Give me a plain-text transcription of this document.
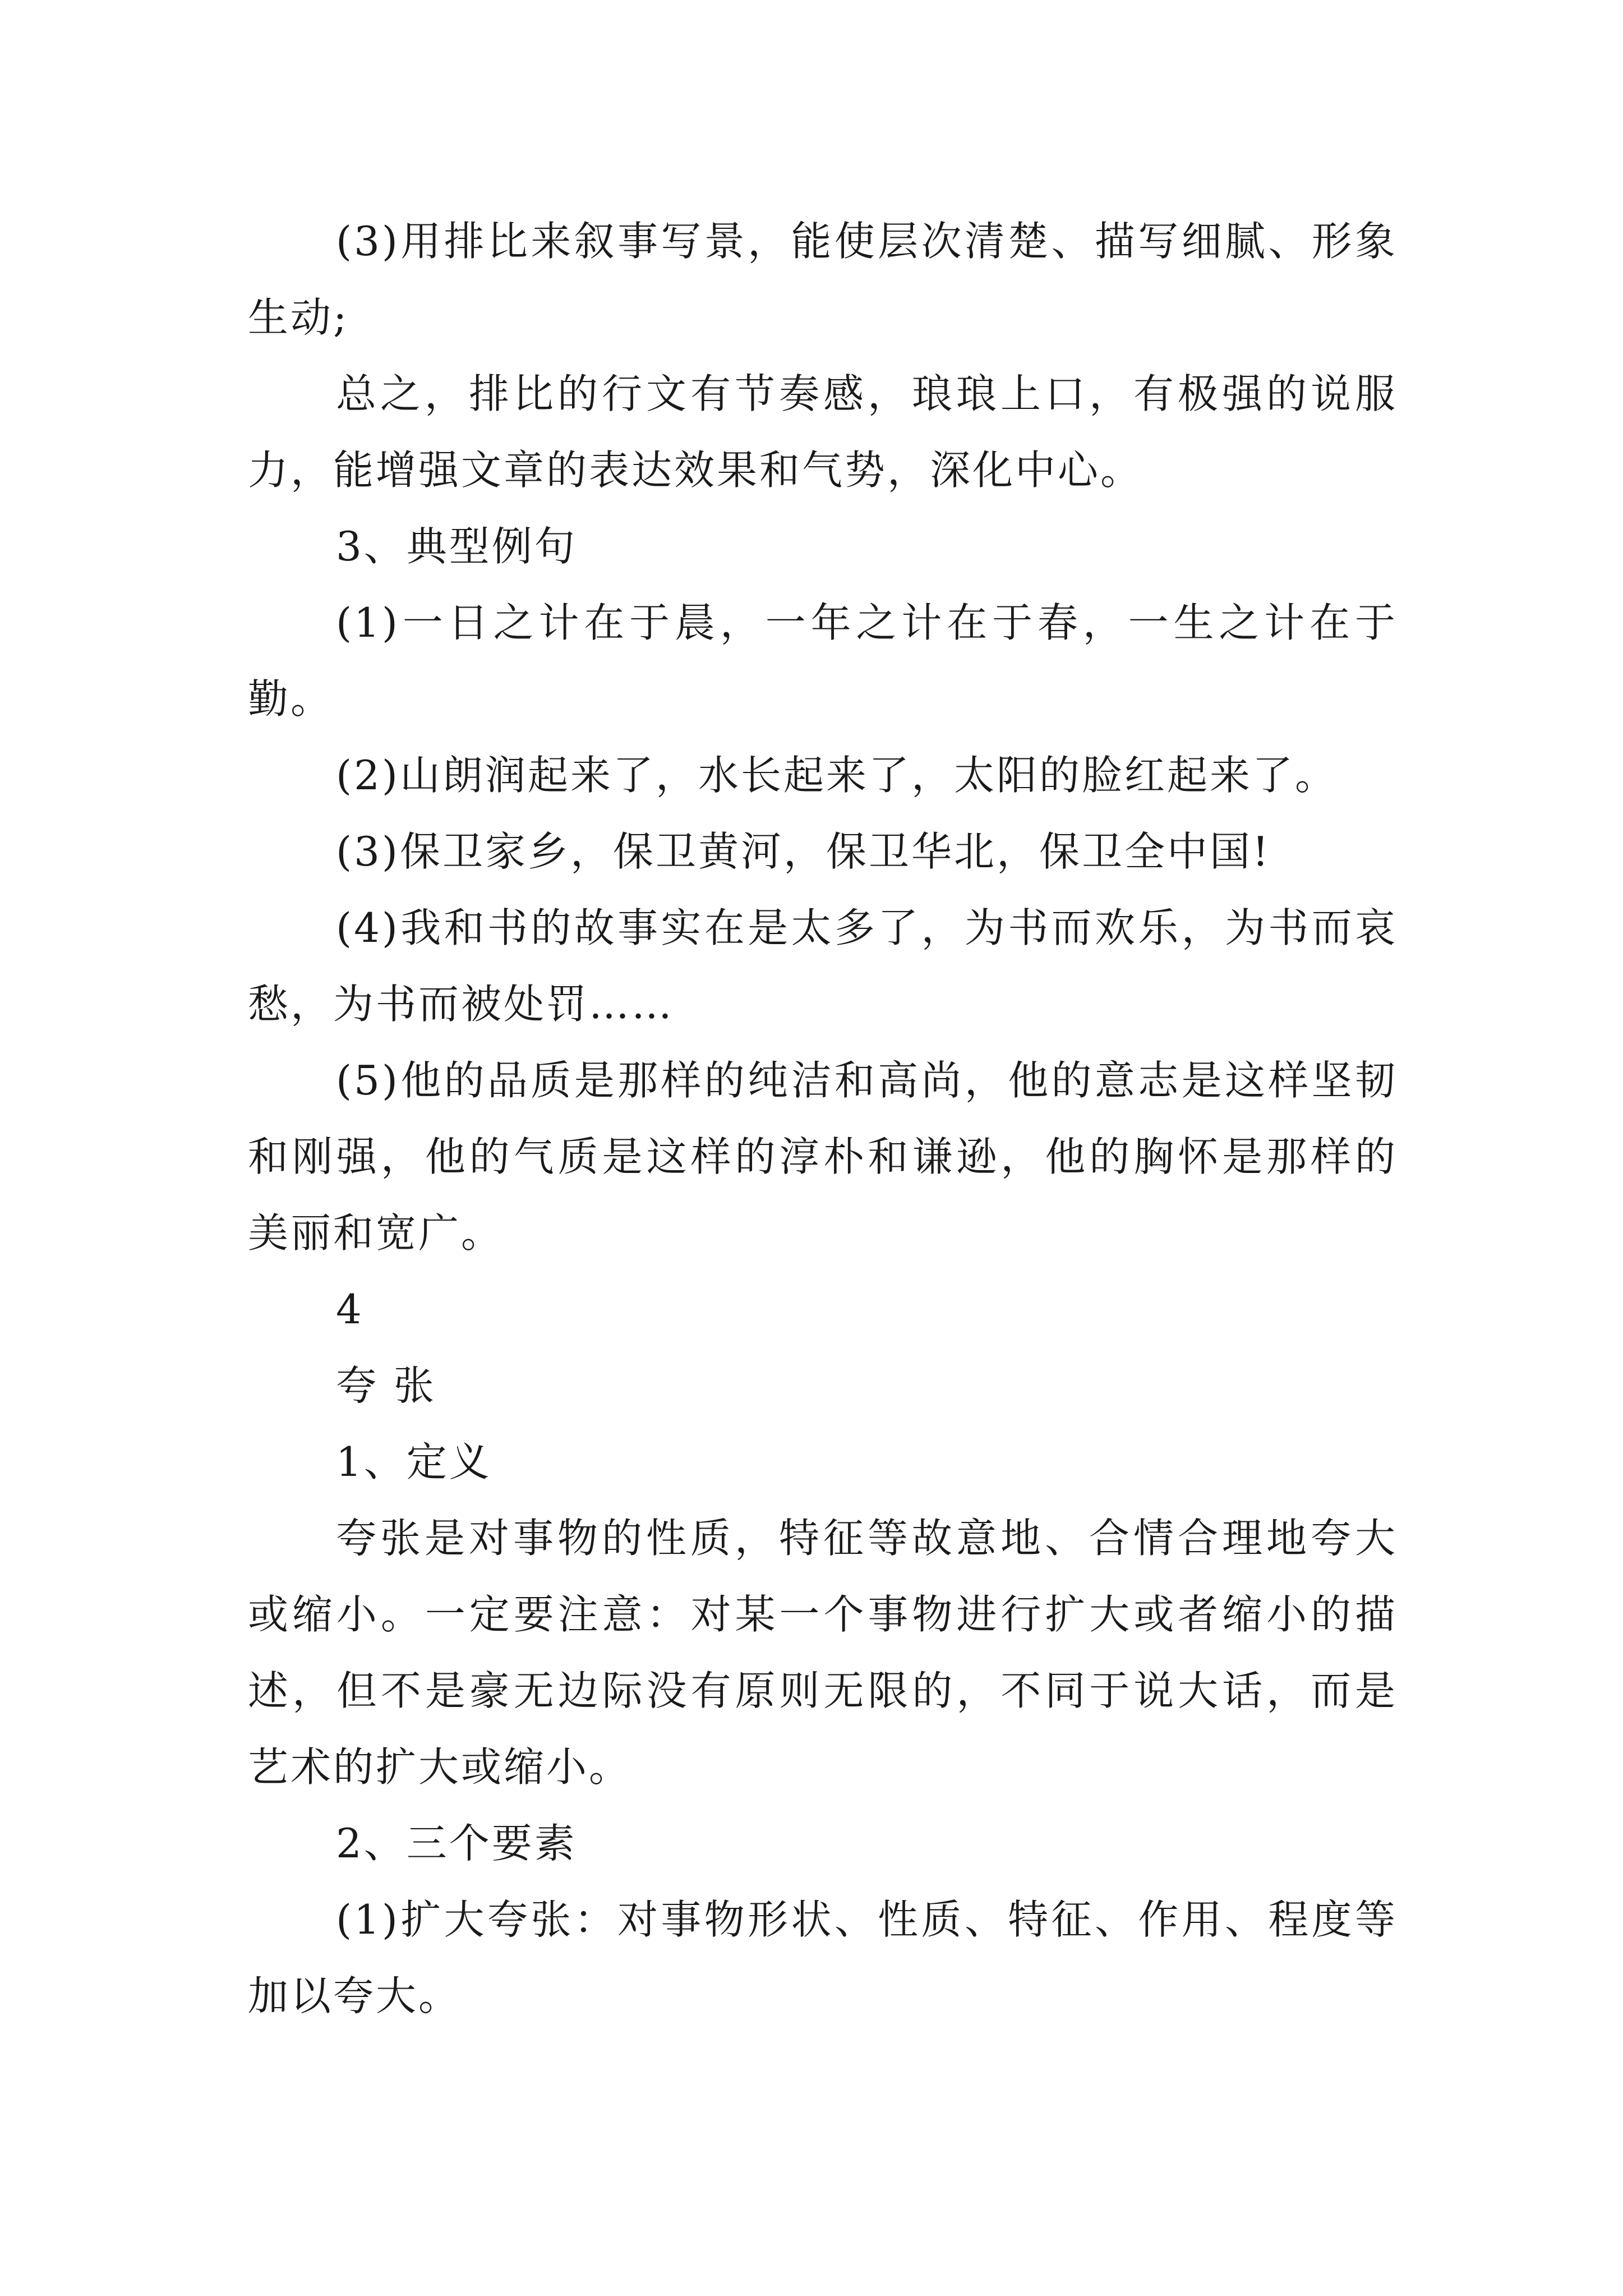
(3)用排比来叙事写景，能使层次清楚、描写细腻、形象生动;

总之，排比的行文有节奏感，琅琅上口，有极强的说服力，能增强文章的表达效果和气势，深化中心。

3、典型例句

(1)一日之计在于晨，一年之计在于春，一生之计在于勤。

(2)山朗润起来了，水长起来了，太阳的脸红起来了。

(3)保卫家乡，保卫黄河，保卫华北，保卫全中国!

(4)我和书的故事实在是太多了，为书而欢乐，为书而哀愁，为书而被处罚……

(5)他的品质是那样的纯洁和高尚，他的意志是这样坚韧和刚强，他的气质是这样的淳朴和谦逊，他的胸怀是那样的美丽和宽广。

4

夸 张

1、定义

夸张是对事物的性质，特征等故意地、合情合理地夸大或缩小。一定要注意：对某一个事物进行扩大或者缩小的描述，但不是豪无边际没有原则无限的，不同于说大话，而是艺术的扩大或缩小。

2、三个要素

(1)扩大夸张：对事物形状、性质、特征、作用、程度等加以夸大。
